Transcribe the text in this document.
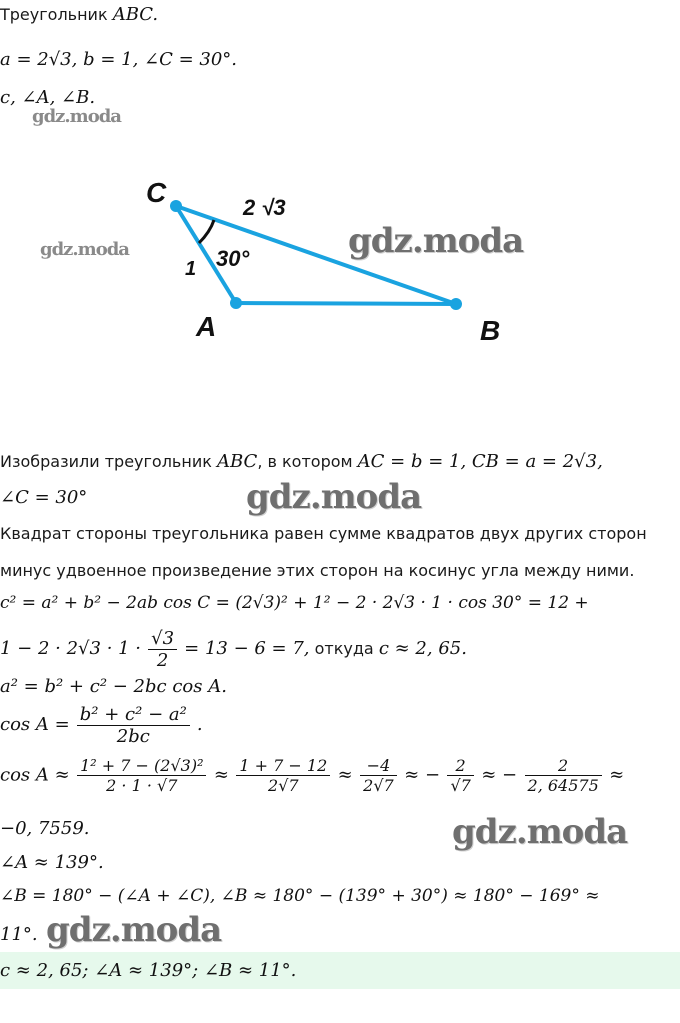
Треугольник ABC.
a = 2√3, b = 1, ∠C = 30°.
c, ∠A, ∠B.
gdz.moda
C
A	B
2 √3
1 30°
gdz.moda	gdz.moda
Изобразили треугольник ABC, в котором AC = b = 1, CB = a = 2√3,
∠C = 30°	gdz.moda
Квадрат стороны треугольника равен сумме квадратов двух других сторон
минус удвоенное произведение этих сторон на косинус угла между ними.
c² = a² + b² − 2ab cos C = (2√3)² + 1² − 2 · 2√3 · 1 · cos 30° = 12 +
$1 - 2 \cdot 2√3 \cdot 1 \cdot \frac{√3}{2} = 13 - 6 = 7$, откуда c ≈ 2, 65.
a² = b² + c² − 2bc cos A.
$\cos A = \frac{\text{b² + c² − a²}}{2bc}$ .
$\cos A \approx \frac{\text{1² + 7 − (2√3)²}}{2 \cdot 1 \cdot √7} \approx \frac{1 + 7 - 12}{2√7} \approx \frac{-4}{2√7}$ ≈ − $\frac{2}{√7}$ ≈ − $\frac{2}{2, 64575}$ ≈
−0, 7559.	gdz.moda
∠A ≈ 139°.
∠B = 180° − (∠A + ∠C), ∠B ≈ 180° − (139° + 30°) ≈ 180° − 169° ≈
11°. gdz.moda
c ≈ 2, 65; ∠A ≈ 139°; ∠B ≈ 11°.
